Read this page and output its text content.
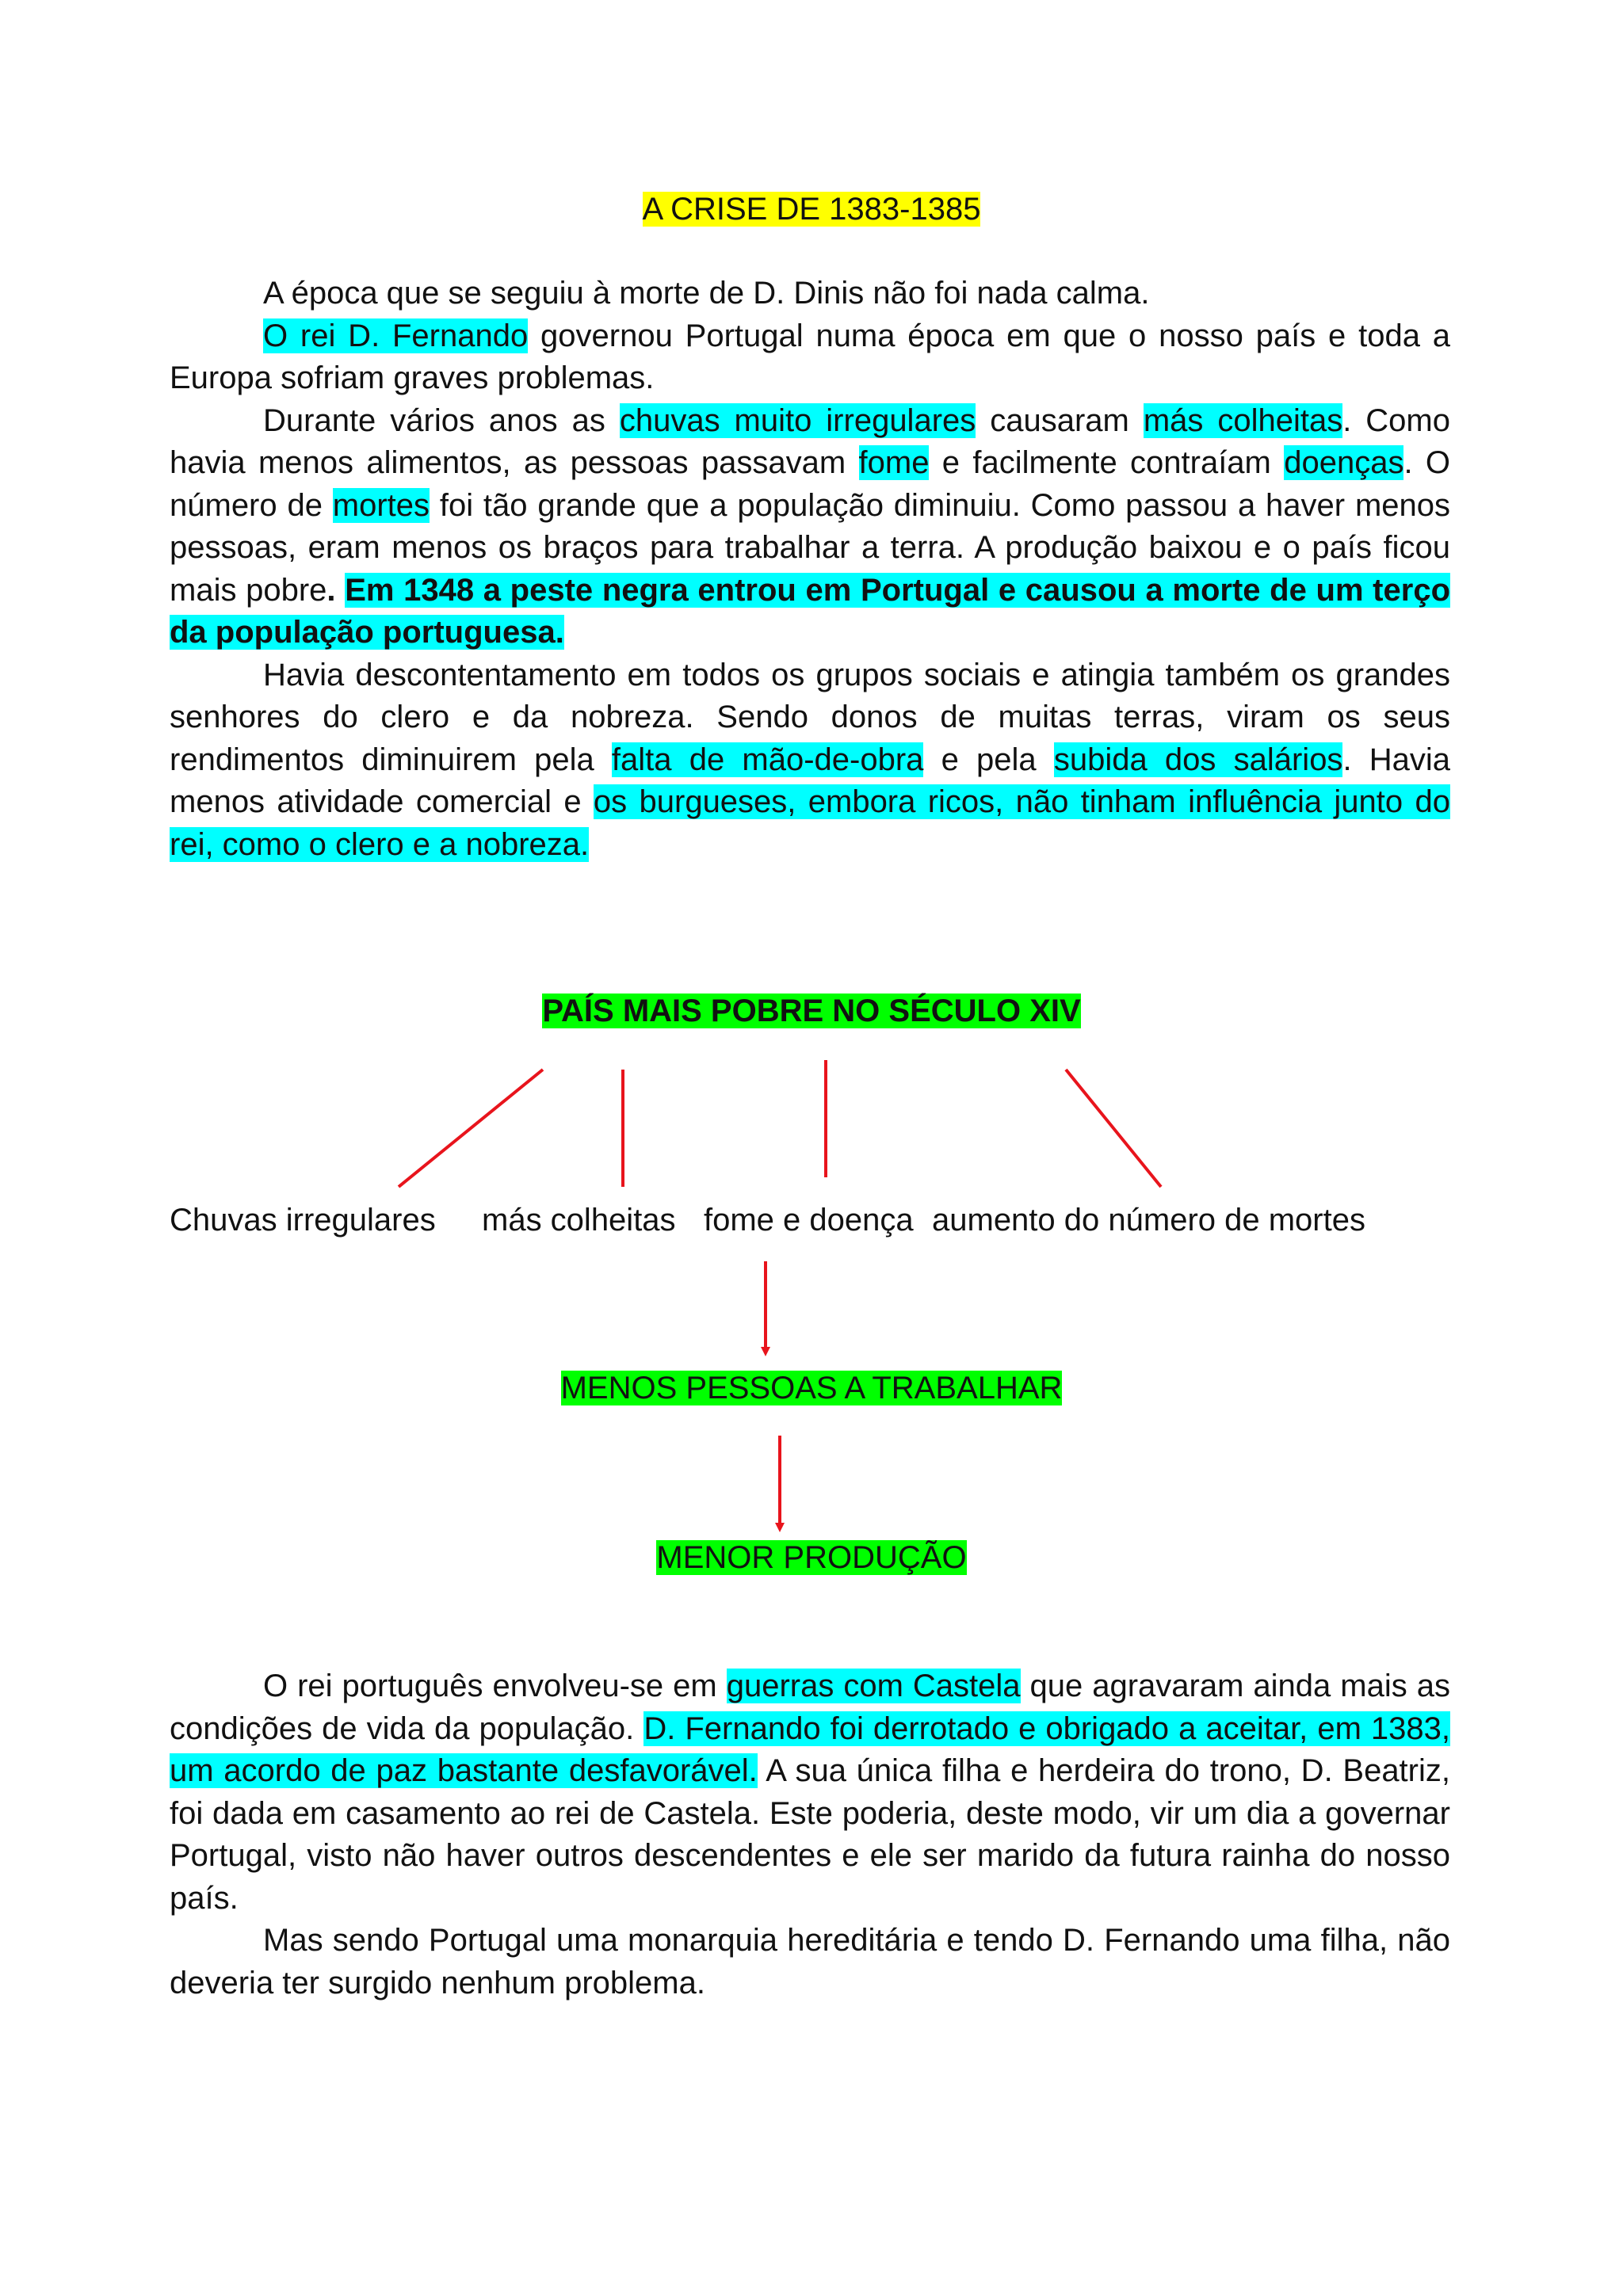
A CRISE DE 1383-1385

A época que se seguiu à morte de D. Dinis não foi nada calma.

O rei D. Fernando governou Portugal numa época em que o nosso país e toda a Europa sofriam graves problemas.

Durante vários anos as chuvas muito irregulares causaram más colheitas. Como havia menos alimentos, as pessoas passavam fome e facilmente contraíam doenças. O número de mortes foi tão grande que a população diminuiu. Como passou a haver menos pessoas, eram menos os braços para trabalhar a terra. A produção baixou e o país ficou mais pobre. Em 1348 a peste negra entrou em Portugal e causou a morte de um terço da população portuguesa.

Havia descontentamento em todos os grupos sociais e atingia também os grandes senhores do clero e da nobreza. Sendo donos de muitas terras, viram os seus rendimentos diminuirem pela falta de mão-de-obra e pela subida dos salários. Havia menos atividade comercial e os burgueses, embora ricos, não tinham influência junto do rei, como o clero e a nobreza.

PAÍS MAIS POBRE NO SÉCULO XIV
Chuvas irregulares más colheitas fome e doença aumento do número de mortes
MENOS PESSOAS A TRABALHAR
MENOR PRODUÇÃO

O rei português envolveu-se em guerras com Castela que agravaram ainda mais as condições de vida da população. D. Fernando foi derrotado e obrigado a aceitar, em 1383, um acordo de paz bastante desfavorável. A sua única filha e herdeira do trono, D. Beatriz, foi dada em casamento ao rei de Castela. Este poderia, deste modo, vir um dia a governar Portugal, visto não haver outros descendentes e ele ser marido da futura rainha do nosso país.

Mas sendo Portugal uma monarquia hereditária e tendo D. Fernando uma filha, não deveria ter surgido nenhum problema.
